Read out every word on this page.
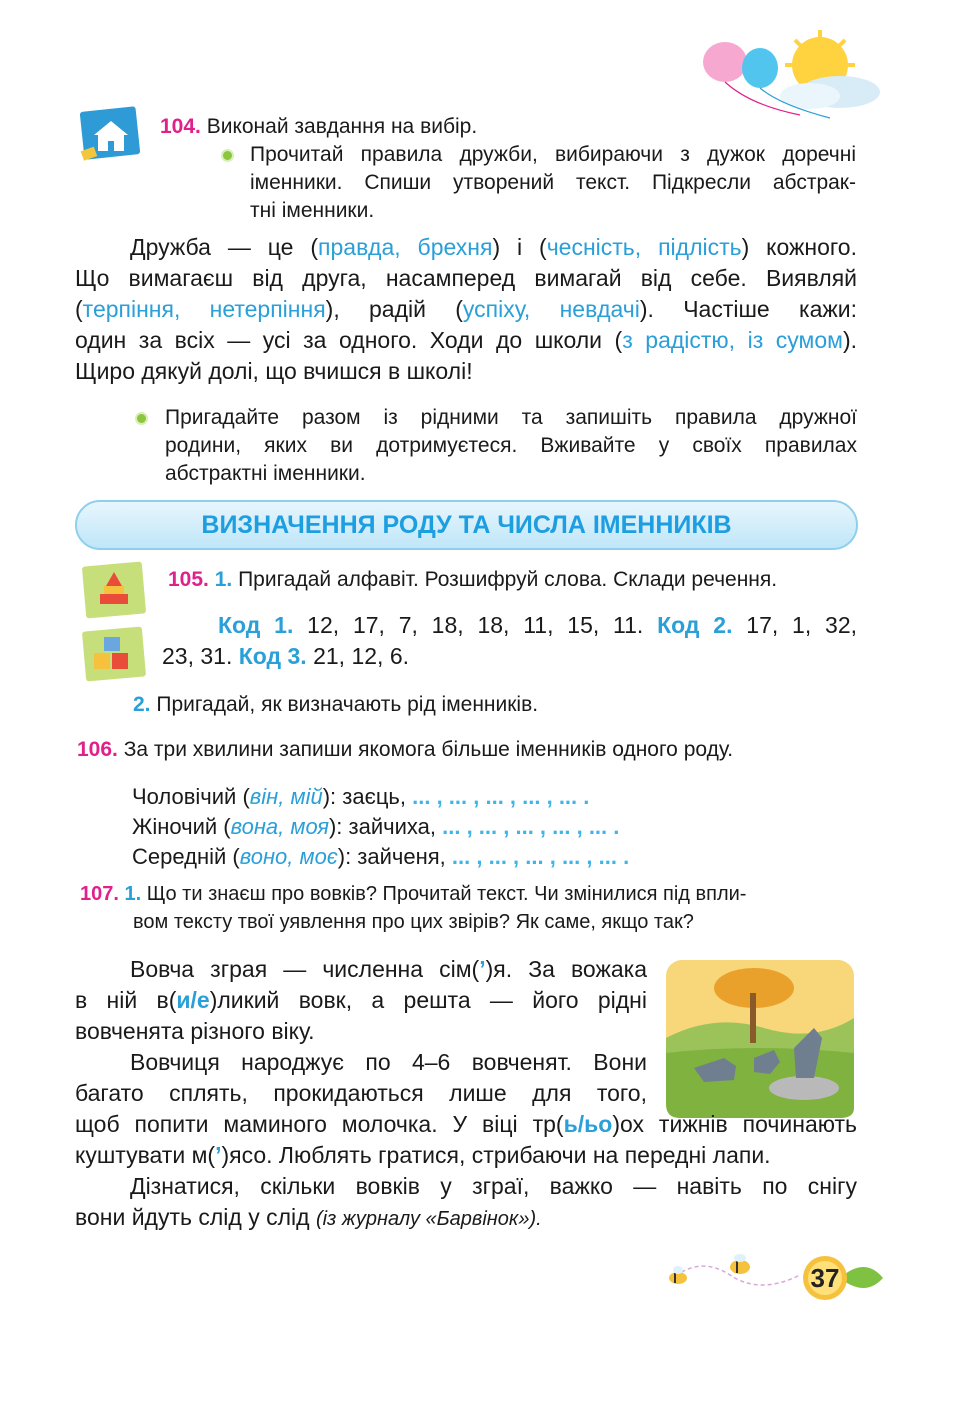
104. Виконай завдання на вибір.
Прочитай правила дружби, вибираючи з дужок доречні
іменники. Спиши утворений текст. Підкресли абстрак-
тні іменники.
Дружба — це (правда, брехня) і (чесність, підлість) кожного.
Що вимагаєш від друга, насамперед вимагай від себе. Виявляй
(терпіння, нетерпіння), радій (успіху, невдачі). Частіше кажи:
один за всіх — усі за одного. Ходи до школи (з радістю, із сумом).
Щиро дякуй долі, що вчишся в школі!
Пригадайте разом із рідними та запишіть правила дружної
родини, яких ви дотримуєтеся. Вживайте у своїх правилах
абстрактні іменники.
ВИЗНАЧЕННЯ РОДУ ТА ЧИСЛА ІМЕННИКІВ
105. 1. Пригадай алфавіт. Розшифруй слова. Склади речення.
Код 1. 12, 17, 7, 18, 18, 11, 15, 11. Код 2. 17, 1, 32,
23, 31. Код 3. 21, 12, 6.
2. Пригадай, як визначають рід іменників.
106. За три хвилини запиши якомога більше іменників одного роду.
Чоловічий (він, мій): заєць, ... , ... , ... , ... , ... .
Жіночий (вона, моя): зайчиха, ... , ... , ... , ... , ... .
Середній (воно, моє): зайченя, ... , ... , ... , ... , ... .
107. 1. Що ти знаєш про вовків? Прочитай текст. Чи змінилися під впли-
вом тексту твої уявлення про цих звірів? Як саме, якщо так?
Вовча зграя — численна сім(’)я. За вожака
в ній в(и/е)ликий вовк, а решта — його рідні
вовченята різного віку.
Вовчиця народжує по 4–6 вовченят. Вони
багато сплять, прокидаються лише для того,
щоб попити маминого молочка. У віці тр(ь/ьо)ох тижнів починають
куштувати м(’)ясо. Люблять гратися, стрибаючи на передні лапи.
Дізнатися, скільки вовків у зграї, важко — навіть по снігу
вони йдуть слід у слід (із журналу «Барвінок»).
37
